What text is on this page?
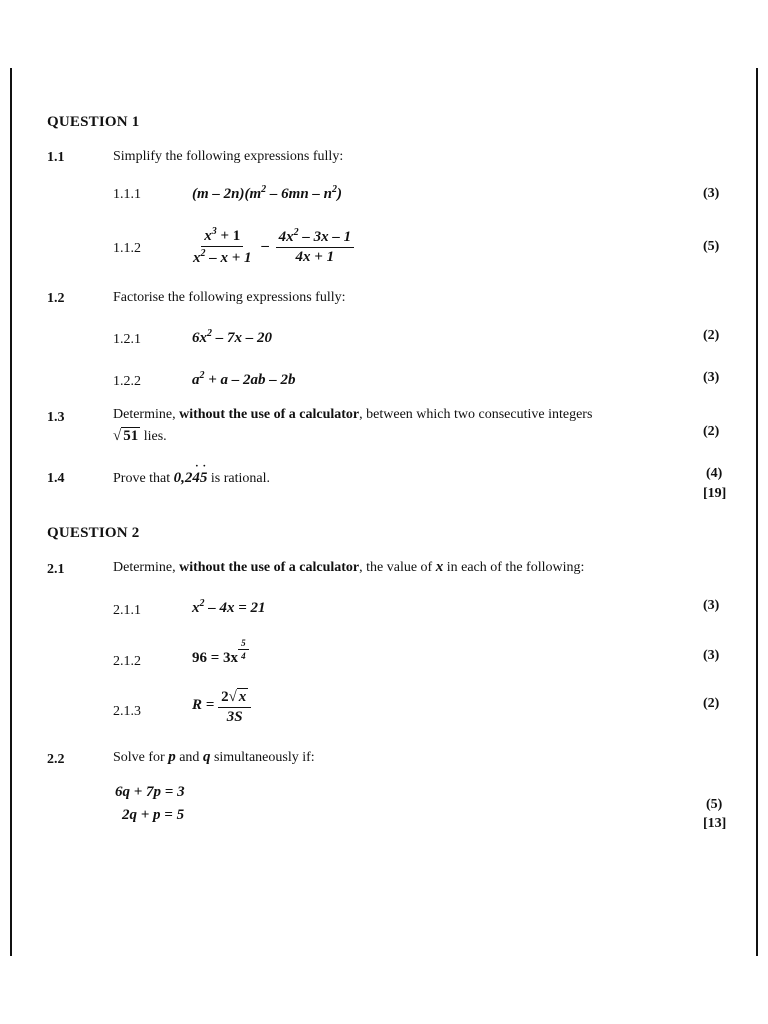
QUESTION 1
1.1	Simplify the following expressions fully:
1.1.1	$(m - 2n)(m^2 - 6mn - n^2)$	(3)
1.1.2	$\frac{x^3 + 1}{x^2 - x + 1} - \frac{4x^2 - 3x - 1}{4x + 1}$	(5)
1.2	Factorise the following expressions fully:
1.2.1	$6x^2 - 7x - 20$	(2)
1.2.2	$a^2 + a - 2ab - 2b$	(3)
1.3	Determine, without the use of a calculator, between which two consecutive integers
√ 51 lies.	(2)
1.4	Prove that 0,2˙ 4˙ 5 is rational.	(4)
[19]
QUESTION 2
2.1	Determine, without the use of a calculator, the value of x in each of the following:
2.1.1	$x^2 - 4x = 21$	(3)
2.1.2	$96 = 3x \frac{5}{4}$	(3)
2.1.3	$R = \frac{2√ x}{3S}$	(2)
2.2	Solve for p and q simultaneously if:
6q + 7p = 3
2q + p = 5
(5)
[13]
